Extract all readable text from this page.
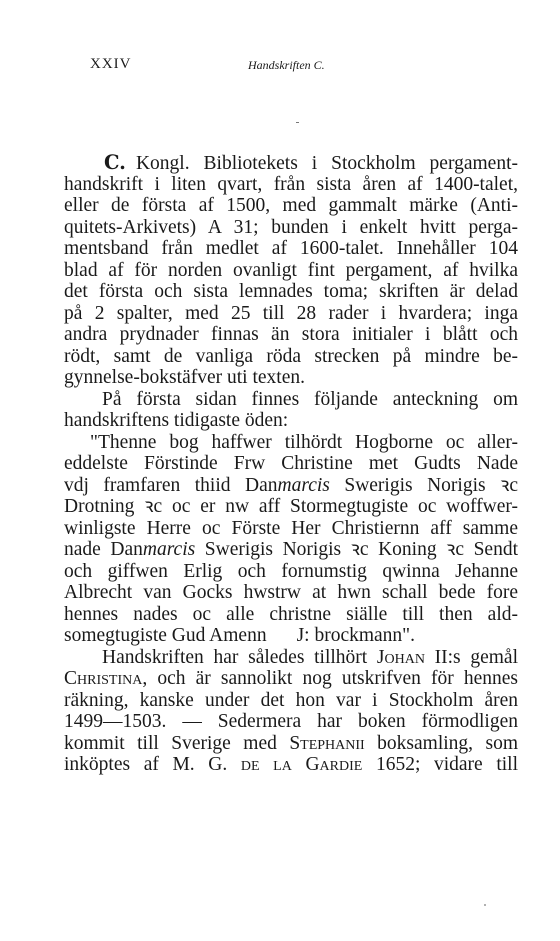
XXIV	Handskriften C.
C. Kongl. Bibliotekets i Stockholm pergament-
handskrift i liten qvart, från sista åren af 1400-talet,
eller de första af 1500, med gammalt märke (Anti-
quitets-Arkivets) A 31; bunden i enkelt hvitt perga-
mentsband från medlet af 1600-talet. Innehåller 104
blad af för norden ovanligt fint pergament, af hvilka
det första och sista lemnades toma; skriften är delad
på 2 spalter, med 25 till 28 rader i hvardera; inga
andra prydnader finnas än stora initialer i blått och
rödt, samt de vanliga röda strecken på mindre be-
gynnelse-bokstäfver uti texten.
På första sidan finnes följande anteckning om
handskriftens tidigaste öden:
"Thenne bog haffwer tilhördt Hogborne oc aller-
eddelste Förstinde Frw Christine met Gudts Nade
vdj framfaren thiid Danmarcis Swerigis Norigis ꝛc
Drotning ꝛc oc er nw aff Stormegtugiste oc woffwer-
winligste Herre oc Förste Her Christiernn aff samme
nade Danmarcis Swerigis Norigis ꝛc Koning ꝛc Sendt
och giffwen Erlig och fornumstig qwinna Jehanne
Albrecht van Gocks hwstrw at hwn schall bede fore
hennes nades oc alle christne siälle till then ald-
somegtugiste Gud Amenn J: brockmann".
Handskriften har således tillhört Johan II:s gemål
Christina, och är sannolikt nog utskrifven för hennes
räkning, kanske under det hon var i Stockholm åren
1499—1503. — Sedermera har boken förmodligen
kommit till Sverige med Stephanii boksamling, som
inköptes af M. G. de la Gardie 1652; vidare till
